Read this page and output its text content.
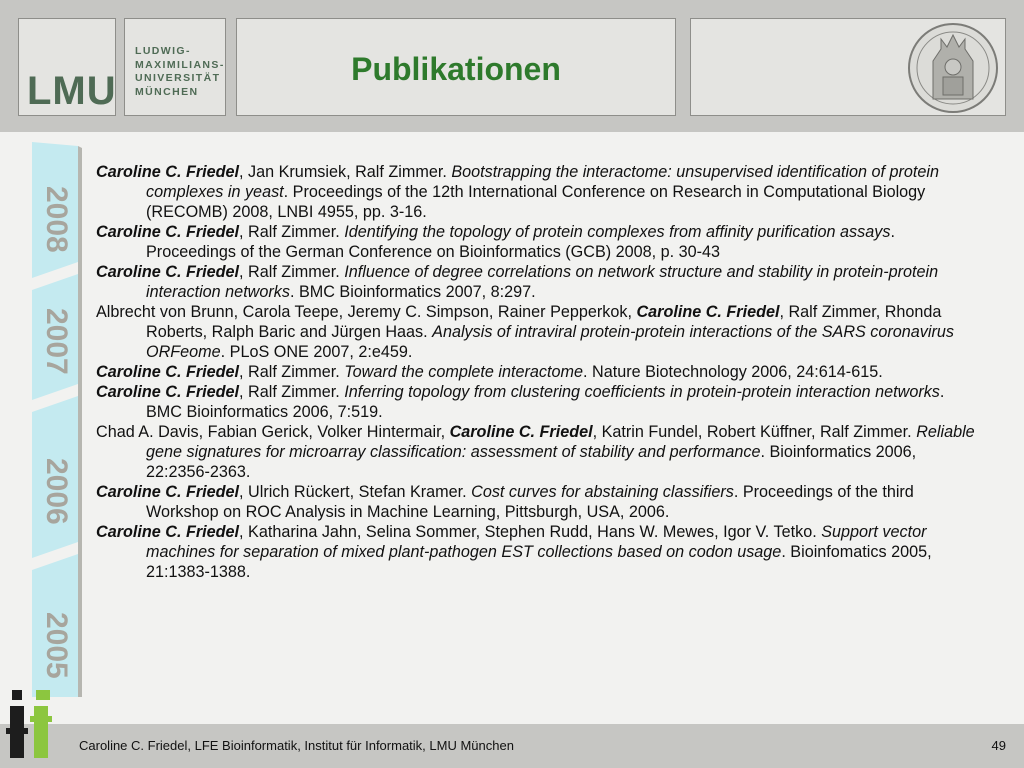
LMU
LUDWIG-
MAXIMILIANS-
UNIVERSITÄT
MÜNCHEN
Publikationen
2008
2007
2006
2005
Caroline C. Friedel, Jan Krumsiek, Ralf Zimmer. Bootstrapping the interactome: unsupervised identification of protein complexes in yeast. Proceedings of the 12th International Conference on Research in Computational Biology (RECOMB) 2008, LNBI 4955, pp. 3-16.
Caroline C. Friedel, Ralf Zimmer. Identifying the topology of protein complexes from affinity purification assays. Proceedings of the German Conference on Bioinformatics (GCB) 2008, p. 30-43
Caroline C. Friedel, Ralf Zimmer. Influence of degree correlations on network structure and stability in protein-protein interaction networks. BMC Bioinformatics 2007, 8:297.
Albrecht von Brunn, Carola Teepe, Jeremy C. Simpson, Rainer Pepperkok, Caroline C. Friedel, Ralf Zimmer, Rhonda Roberts, Ralph Baric and Jürgen Haas. Analysis of intraviral protein-protein interactions of the SARS coronavirus ORFeome. PLoS ONE 2007, 2:e459.
Caroline C. Friedel, Ralf Zimmer. Toward the complete interactome. Nature Biotechnology 2006, 24:614-615.
Caroline C. Friedel, Ralf Zimmer. Inferring topology from clustering coefficients in protein-protein interaction networks. BMC Bioinformatics 2006, 7:519.
Chad A. Davis, Fabian Gerick, Volker Hintermair, Caroline C. Friedel, Katrin Fundel, Robert Küffner, Ralf Zimmer. Reliable gene signatures for microarray classification: assessment of stability and performance. Bioinformatics 2006, 22:2356-2363.
Caroline C. Friedel, Ulrich Rückert, Stefan Kramer. Cost curves for abstaining classifiers. Proceedings of the third Workshop on ROC Analysis in Machine Learning, Pittsburgh, USA, 2006.
Caroline C. Friedel, Katharina Jahn, Selina Sommer, Stephen Rudd, Hans W. Mewes, Igor V. Tetko. Support vector machines for separation of mixed plant-pathogen EST collections based on codon usage. Bioinfomatics 2005, 21:1383-1388.
Caroline C. Friedel, LFE Bioinformatik, Institut für Informatik, LMU München	49
